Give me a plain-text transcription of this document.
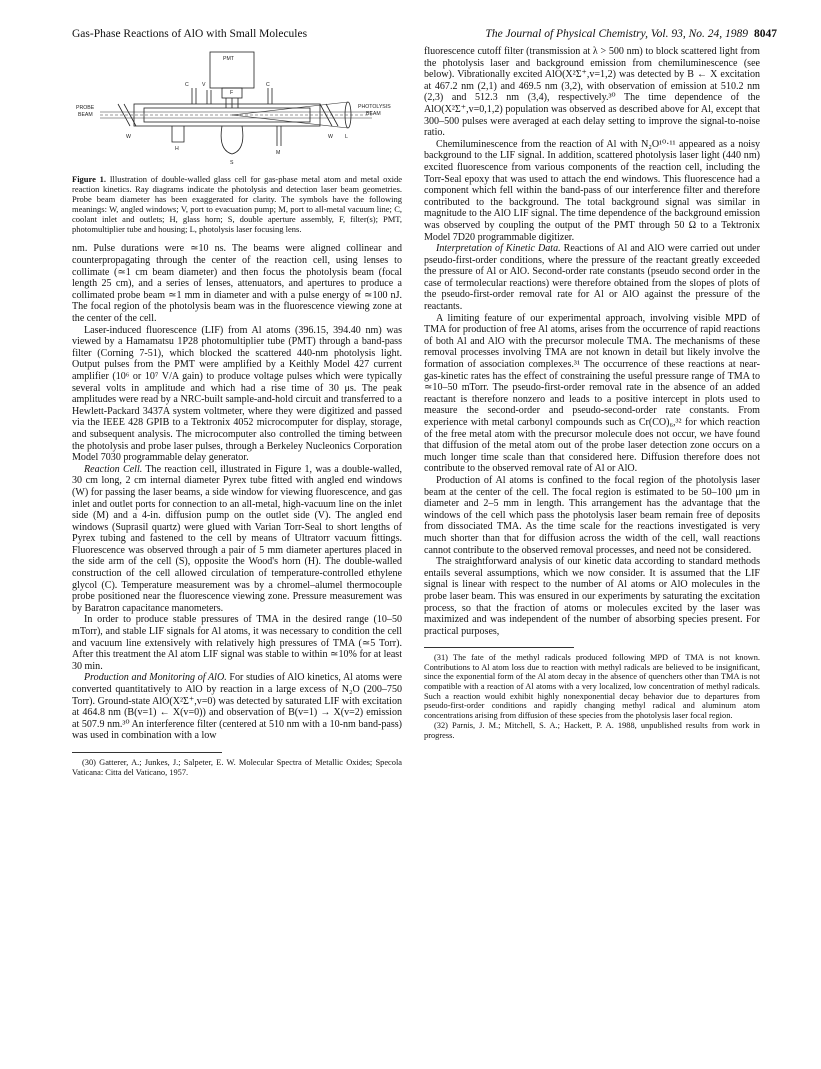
Gas-Phase Reactions of AlO with Small Molecules	The Journal of Physical Chemistry, Vol. 93, No. 24, 1989 8047
PMT
C	V
F
C
PROBE
BEAM
PHOTOLYSIS
BEAM
W
H
S
M
W L
Figure 1. Illustration of double-walled glass cell for gas-phase metal atom and metal oxide reaction kinetics. Ray diagrams indicate the photolysis and detection laser beam geometries. Probe beam diameter has been exaggerated for clarity. The symbols have the following meanings: W, angled windows; V, port to evacuation pump; M, port to all-metal vacuum line; C, coolant inlet and outlets; H, glass horn; S, double aperture assembly, F, filter(s); PMT, photomultiplier tube and housing; L, photolysis laser focusing lens.

nm. Pulse durations were ≃10 ns. The beams were aligned collinear and counterpropagating through the center of the reaction cell, using lenses to collimate (≃1 cm beam diameter) and then focus the photolysis beam (focal length 25 cm), and a series of lenses, attenuators, and apertures to produce a collimated probe beam ≃1 mm in diameter and with a pulse energy of ≃100 nJ. The focal region of the photolysis beam was in the fluorescence viewing zone at the center of the cell.

Laser-induced fluorescence (LIF) from Al atoms (396.15, 394.40 nm) was viewed by a Hamamatsu 1P28 photomultiplier tube (PMT) through a band-pass filter (Corning 7-51), which blocked the scattered 440-nm photolysis light. Output pulses from the PMT were amplified by a Keithly Model 427 current amplifier (10⁶ or 10⁷ V/A gain) to produce voltage pulses which were typically several volts in amplitude and which had a rise time of 30 μs. The peak amplitudes were read by a NRC-built sample-and-hold circuit and transferred to a Hewlett-Packard 3437A system voltmeter, where they were digitized and passed via the IEEE 428 GPIB to a Tektronix 4052 microcomputer for display, storage, and subsequent analysis. The microcomputer also controlled the timing between the photolysis and probe laser pulses, through a Berkeley Nucleonics Corporation Model 7030 programmable delay generator.

Reaction Cell. The reaction cell, illustrated in Figure 1, was a double-walled, 30 cm long, 2 cm internal diameter Pyrex tube fitted with angled end windows (W) for passing the laser beams, a side window for viewing fluorescence, and gas inlet and outlet ports for connection to an all-metal, high-vacuum line on the inlet side (M) and a 4-in. diffusion pump on the outlet side (V). The angled end windows (Suprasil quartz) were glued with Varian Torr-Seal to short lengths of Pyrex tubing and fastened to the cell by means of Ultratorr vacuum fittings. Fluorescence was observed through a pair of 5 mm diameter apertures placed in the side arm of the cell (S), opposite the Wood's horn (H). The double-walled construction of the cell allowed circulation of temperature-controlled ethylene glycol (C). Temperature measurement was by a chromel–alumel thermocouple probe positioned near the fluorescence viewing zone. Pressure measurement was by Baratron capacitance manometers.

In order to produce stable pressures of TMA in the desired range (10–50 mTorr), and stable LIF signals for Al atoms, it was necessary to condition the cell and vacuum line extensively with relatively high pressures of TMA (≃5 Torr). After this treatment the Al atom LIF signal was stable to within ≃10% for at least 30 min.

Production and Monitoring of AlO. For studies of AlO kinetics, Al atoms were converted quantitatively to AlO by reaction in a large excess of N₂O (200–750 Torr). Ground-state AlO(X²Σ⁺,v=0) was detected by saturated LIF with excitation at 464.8 nm (B(v=1) ← X(v=0)) and observation of B(v=1) → X(v=2) emission at 507.9 nm.³⁰ An interference filter (centered at 510 nm with a 10-nm band-pass) was used in combination with a low

(30) Gatterer, A.; Junkes, J.; Salpeter, E. W. Molecular Spectra of Metallic Oxides; Specola Vaticana: Citta del Vaticano, 1957.

fluorescence cutoff filter (transmission at λ > 500 nm) to block scattered light from the photolysis laser and background emission from chemiluminescence (see below). Vibrationally excited AlO(X²Σ⁺,v=1,2) was detected by B ← X excitation at 467.2 nm (2,1) and 469.5 nm (3,2), with observation of emission at 510.2 nm (2,3) and 512.3 nm (3,4), respectively.³⁰ The time dependence of the AlO(X²Σ⁺,v=0,1,2) population was observed as described above for Al, except that 300–500 pulses were averaged at each delay setting to improve the signal-to-noise ratio.

Chemiluminescence from the reaction of Al with N₂O¹⁰·¹¹ appeared as a noisy background to the LIF signal. In addition, scattered photolysis laser light (440 nm) excited fluorescence from various components of the reaction cell, including the Torr-Seal epoxy that was used to attach the end windows. This fluorescence had a component which fell within the band-pass of our interference filter and therefore contributed to the background. The total background signal was similar in magnitude to the AlO LIF signal. The time dependence of the background emission was observed by coupling the output of the PMT through 50 Ω to a Tektronix Model 7D20 programmable digitizer.

Interpretation of Kinetic Data. Reactions of Al and AlO were carried out under pseudo-first-order conditions, where the pressure of the reactant greatly exceeded the pressure of Al or AlO. Second-order rate constants (pseudo second order in the case of termolecular reactions) were therefore obtained from the slopes of plots of the pseudo-first-order removal rate for Al or AlO against the pressure of the reactants.

A limiting feature of our experimental approach, involving visible MPD of TMA for production of free Al atoms, arises from the occurrence of rapid reactions of both Al and AlO with the precursor molecule TMA. The mechanisms of these removal processes involving TMA are not known in detail but likely involve the formation of association complexes.³¹ The occurrence of these reactions at near-gas-kinetic rates has the effect of constraining the useful pressure range of TMA to ≃10–50 mTorr. The pseudo-first-order removal rate in the absence of an added reactant is therefore nonzero and leads to a positive intercept in plots used to measure the second-order and pseudo-second-order rate constants. From experience with metal carbonyl compounds such as Cr(CO)₆,³² for which reaction of the free metal atom with the precursor molecule does not occur, we have found that diffusion of the metal atom out of the probe laser detection zone occurs on a much longer time scale than that considered here. Diffusion therefore does not contribute to the observed removal rate of Al or AlO.

Production of Al atoms is confined to the focal region of the photolysis laser beam at the center of the cell. The focal region is estimated to be 50–100 μm in diameter and 2–5 mm in length. This arrangement has the advantage that the windows of the cell which pass the photolysis laser beam remain free of deposits from dissociated TMA. As the time scale for the reactions investigated is very much shorter than that for diffusion across the width of the cell, wall reactions cannot contribute to the observed removal processes, and need not be considered.

The straightforward analysis of our kinetic data according to standard methods entails several assumptions, which we now consider. It is assumed that the LIF signal is linear with respect to the number of Al atoms or AlO molecules in the probe laser beam. This was ensured in our experiments by saturating the excitation process, so that the fraction of atoms or molecules excited by the laser was maximized and was independent of the number of absorbing species present. For practical purposes,

(31) The fate of the methyl radicals produced following MPD of TMA is not known. Contributions to Al atom loss due to reaction with methyl radicals are believed to be insignificant, since the exponential form of the Al atom decay in the absence of quenchers other than TMA is not compatible with a reaction of Al atoms with a very localized, low concentration of methyl radicals. Such a reaction would exhibit highly nonexponential decay behavior due to departures from pseudo-first-order conditions and rapidly changing methyl radical and aluminum atom concentrations arising from diffusion of these species from the photolysis laser focal region.

(32) Parnis, J. M.; Mitchell, S. A.; Hackett, P. A. 1988, unpublished results from work in progress.
